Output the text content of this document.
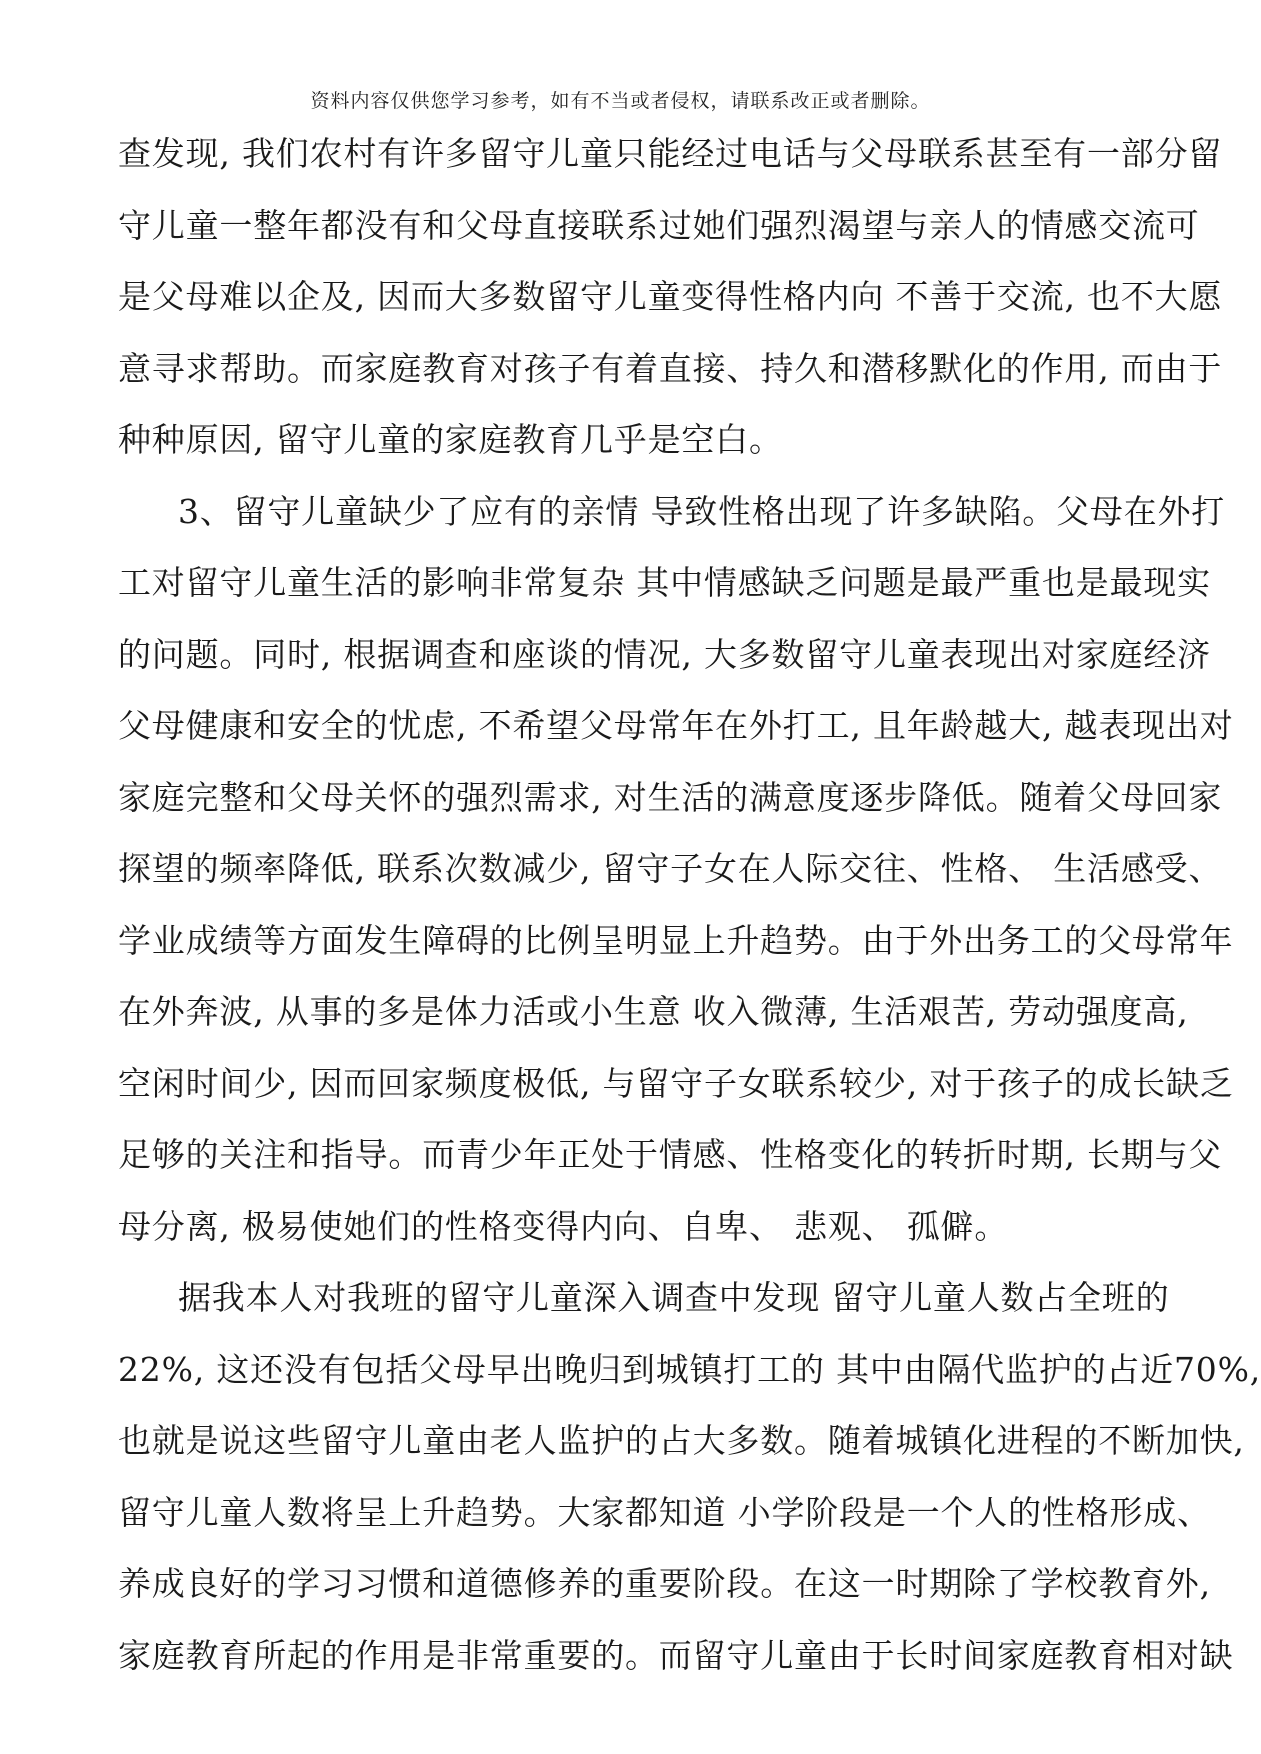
资料内容仅供您学习参考，如有不当或者侵权，请联系改正或者删除。
查发现, 我们农村有许多留守儿童只能经过电话与父母联系甚至有一部分留
守儿童一整年都没有和父母直接联系过她们强烈渴望与亲人的情感交流可
是父母难以企及, 因而大多数留守儿童变得性格内向 不善于交流, 也不大愿
意寻求帮助。而家庭教育对孩子有着直接、持久和潜移默化的作用, 而由于
种种原因, 留守儿童的家庭教育几乎是空白。
3、留守儿童缺少了应有的亲情 导致性格出现了许多缺陷。父母在外打
工对留守儿童生活的影响非常复杂 其中情感缺乏问题是最严重也是最现实
的问题。同时, 根据调查和座谈的情况, 大多数留守儿童表现出对家庭经济
父母健康和安全的忧虑, 不希望父母常年在外打工, 且年龄越大, 越表现出对
家庭完整和父母关怀的强烈需求, 对生活的满意度逐步降低。随着父母回家
探望的频率降低, 联系次数减少, 留守子女在人际交往、性格、 生活感受、
学业成绩等方面发生障碍的比例呈明显上升趋势。由于外出务工的父母常年
在外奔波, 从事的多是体力活或小生意 收入微薄, 生活艰苦, 劳动强度高,
空闲时间少, 因而回家频度极低, 与留守子女联系较少, 对于孩子的成长缺乏
足够的关注和指导。而青少年正处于情感、性格变化的转折时期, 长期与父
母分离, 极易使她们的性格变得内向、自卑、 悲观、 孤僻。
据我本人对我班的留守儿童深入调查中发现 留守儿童人数占全班的
22%, 这还没有包括父母早出晚归到城镇打工的 其中由隔代监护的占近70%,
也就是说这些留守儿童由老人监护的占大多数。随着城镇化进程的不断加快,
留守儿童人数将呈上升趋势。大家都知道 小学阶段是一个人的性格形成、
养成良好的学习习惯和道德修养的重要阶段。在这一时期除了学校教育外,
家庭教育所起的作用是非常重要的。而留守儿童由于长时间家庭教育相对缺
